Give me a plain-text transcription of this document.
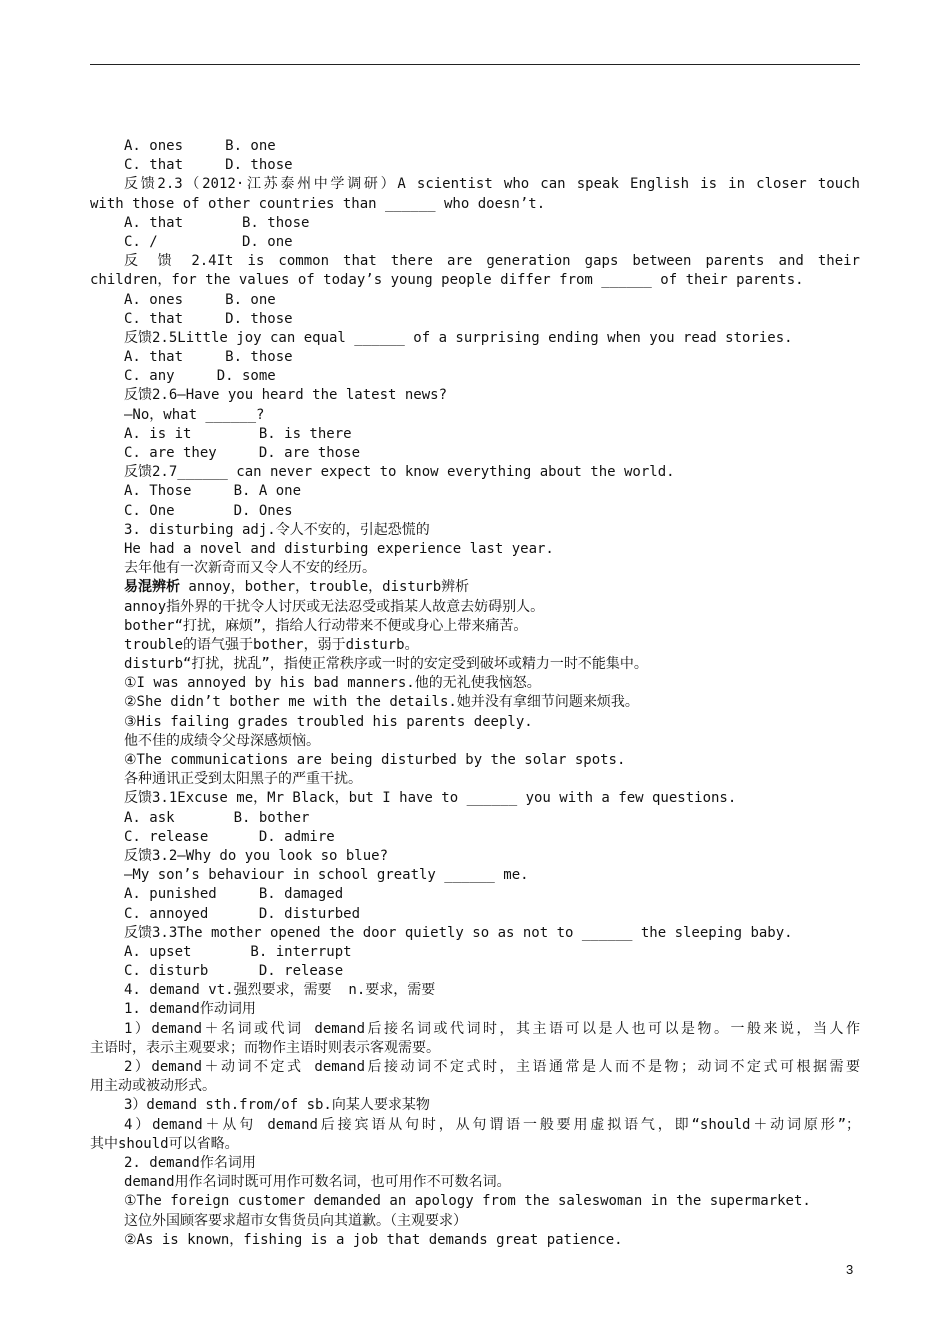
A. ones     B. one
C. that     D. those
反馈2.3（2012·江苏泰州中学调研）A scientist who can speak English is in closer touch
with those of other countries than ______ who doesn’t.
A. that       B. those
C. /          D. one
反 馈 2.4It is common that there are generation gaps between parents and their
children，for the values of today’s young people differ from ______ of their parents.
A. ones     B. one
C. that     D. those
反馈2.5Little joy can equal ______ of a surprising ending when you read stories.
A. that     B. those
C. any     D. some
反馈2.6—Have you heard the latest news?
—No，what ______?
A. is it        B. is there
C. are they     D. are those
反馈2.7______ can never expect to know everything about the world.
A. Those     B. A one
C. One       D. Ones
3. disturbing adj.令人不安的，引起恐慌的
He had a novel and disturbing experience last year.
去年他有一次新奇而又令人不安的经历。
易混辨析 annoy，bother，trouble，disturb辨析
annoy指外界的干扰令人讨厌或无法忍受或指某人故意去妨碍别人。
bother“打扰，麻烦”，指给人行动带来不便或身心上带来痛苦。
trouble的语气强于bother，弱于disturb。
disturb“打扰，扰乱”，指使正常秩序或一时的安定受到破坏或精力一时不能集中。
①I was annoyed by his bad manners.他的无礼使我恼怒。
②She didn’t bother me with the details.她并没有拿细节问题来烦我。
③His failing grades troubled his parents deeply.
他不佳的成绩令父母深感烦恼。
④The communications are being disturbed by the solar spots.
各种通讯正受到太阳黑子的严重干扰。
反馈3.1Excuse me，Mr Black，but I have to ______ you with a few questions.
A. ask       B. bother
C. release      D. admire
反馈3.2—Why do you look so blue?
—My son’s behaviour in school greatly ______ me.
A. punished     B. damaged
C. annoyed      D. disturbed
反馈3.3The mother opened the door quietly so as not to ______ the sleeping baby.
A. upset       B. interrupt
C. disturb      D. release
4. demand vt.强烈要求，需要  n.要求，需要
1. demand作动词用
1）demand＋名词或代词 demand后接名词或代词时，其主语可以是人也可以是物。一般来说，当人作
主语时，表示主观要求；而物作主语时则表示客观需要。
2）demand＋动词不定式 demand后接动词不定式时，主语通常是人而不是物；动词不定式可根据需要
用主动或被动形式。
3）demand sth.from/of sb.向某人要求某物
4）demand＋从句 demand后接宾语从句时，从句谓语一般要用虚拟语气，即“should＋动词原形”；
其中should可以省略。
2. demand作名词用
demand用作名词时既可用作可数名词，也可用作不可数名词。
①The foreign customer demanded an apology from the saleswoman in the supermarket.
这位外国顾客要求超市女售货员向其道歉。（主观要求）
②As is known，fishing is a job that demands great patience.
3
